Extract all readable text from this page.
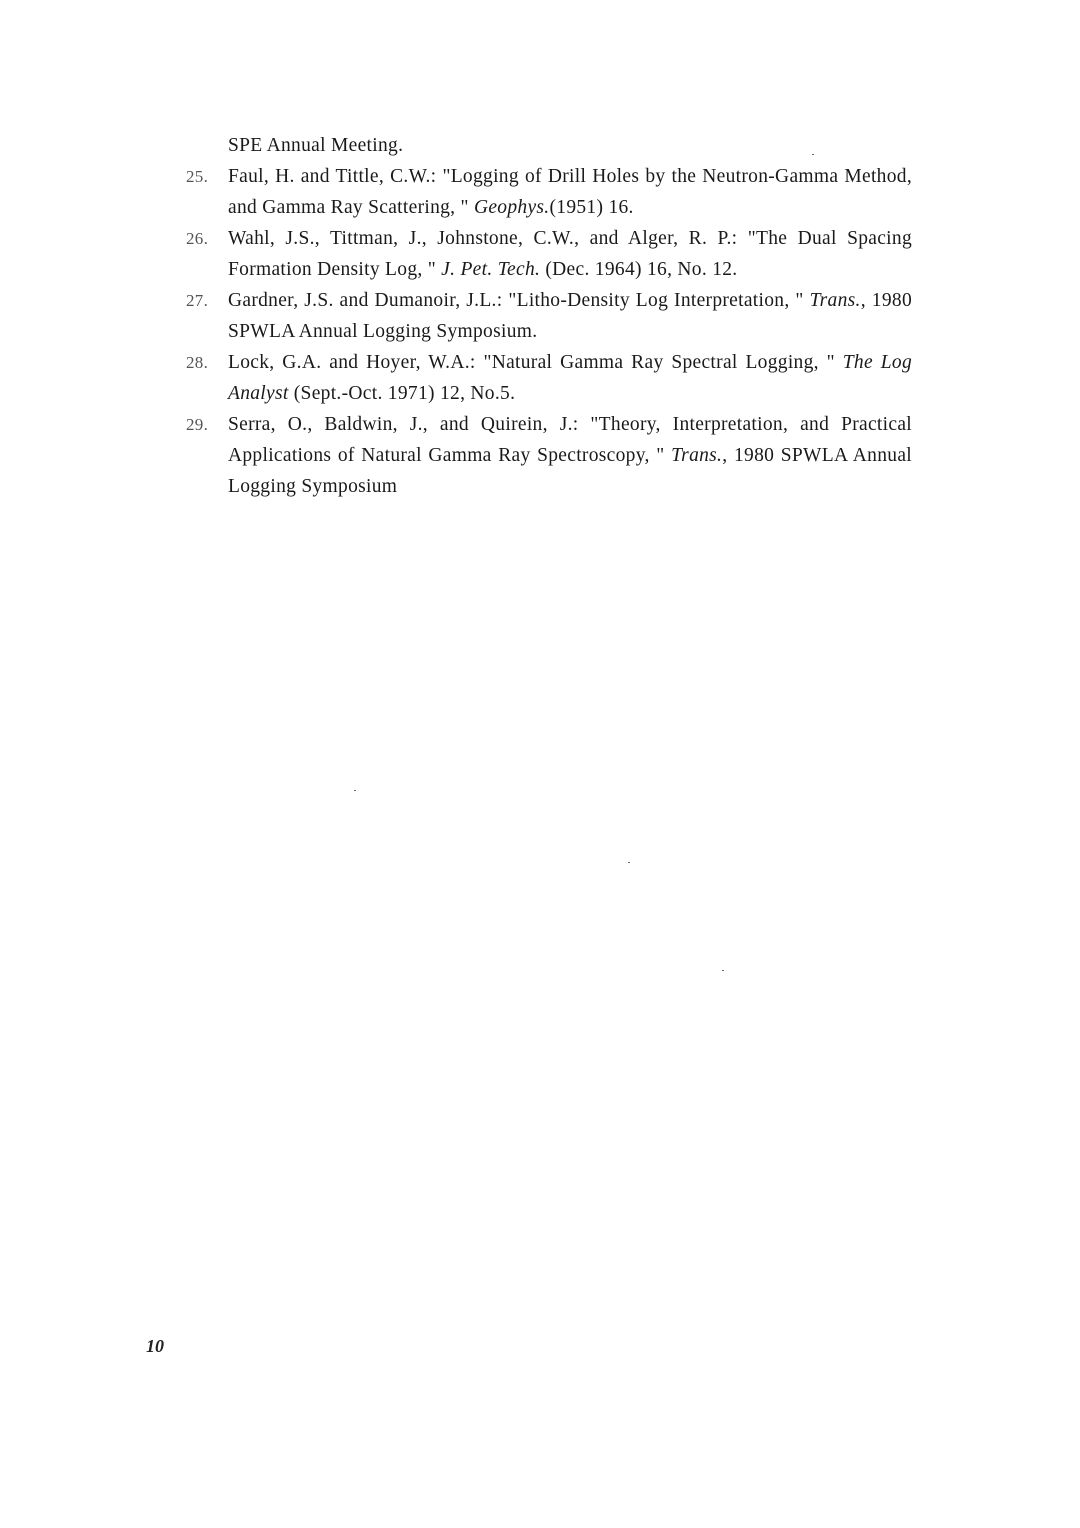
SPE Annual Meeting.
25.	Faul, H. and Tittle, C.W.: "Logging of Drill Holes by the Neutron-Gamma Method, and Gamma Ray Scattering, " Geophys.(1951) 16.
26.	Wahl, J.S., Tittman, J., Johnstone, C.W., and Alger, R. P.: "The Dual Spacing Formation Density Log, " J. Pet. Tech. (Dec. 1964) 16, No. 12.
27.	Gardner, J.S. and Dumanoir, J.L.: "Litho-Density Log Interpretation, " Trans., 1980 SPWLA Annual Logging Symposium.
28.	Lock, G.A. and Hoyer, W.A.: "Natural Gamma Ray Spectral Logging, " The Log Analyst (Sept.-Oct. 1971) 12, No.5.
29.	Serra, O., Baldwin, J., and Quirein, J.: "Theory, Interpretation, and Practical Applications of Natural Gamma Ray Spectroscopy, " Trans., 1980 SPWLA Annual Logging Symposium
10
